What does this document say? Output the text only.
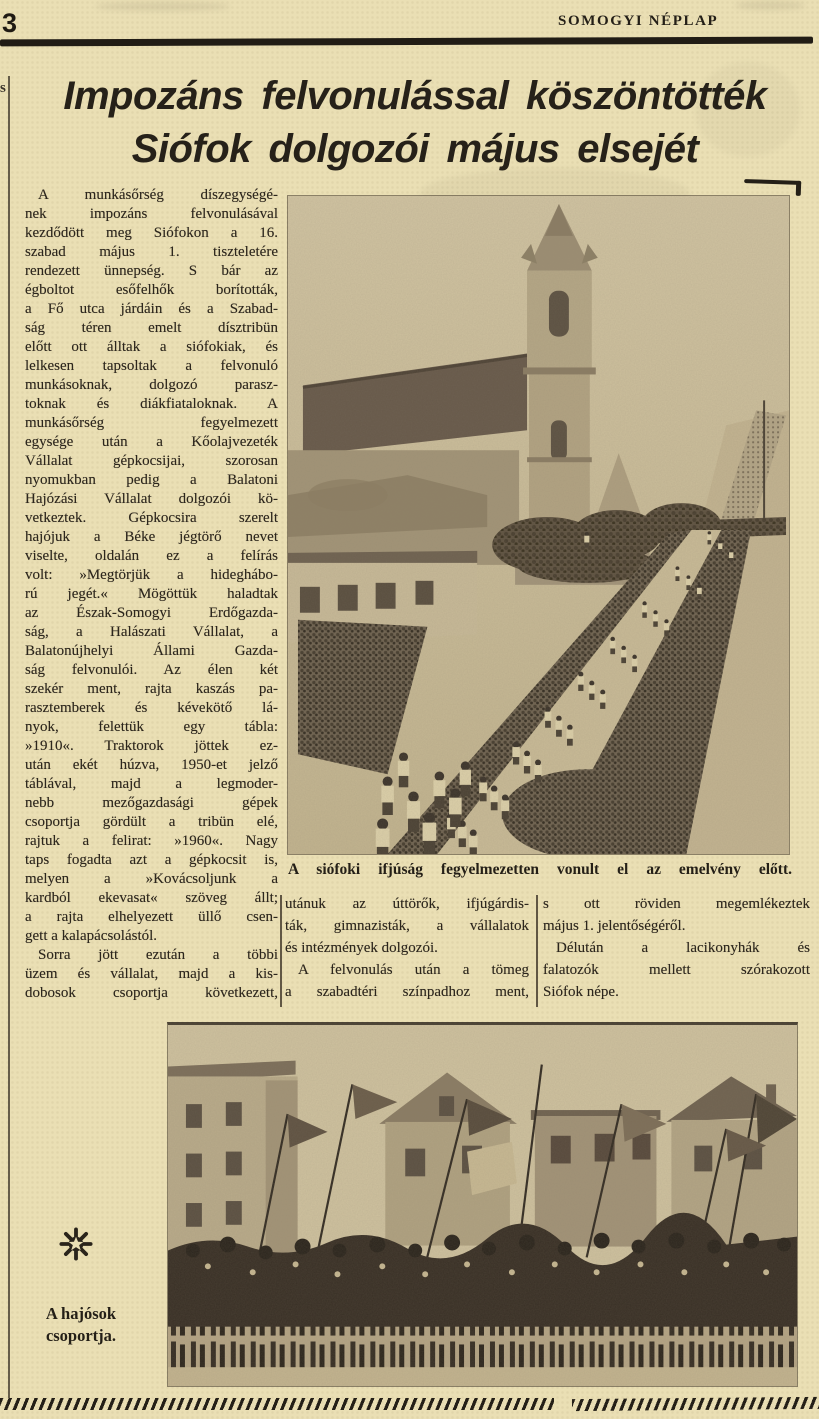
3	SOMOGYI NÉPLAP
s	Impozáns felvonulással köszöntötték
Siófok dolgozói május elsejét
A munkásőrség díszegységé-
nek impozáns felvonulásával
kezdődött meg Siófokon a 16.
szabad május 1. tiszteletére
rendezett ünnepség. S bár az
égboltot esőfelhők borították,
a Fő utca járdáin és a Szabad-
ság téren emelt dísztribün
előtt ott álltak a siófokiak, és
lelkesen tapsoltak a felvonuló
munkásoknak, dolgozó parasz-
toknak és diákfiataloknak. A
munkásőrség fegyelmezett
egysége után a Kőolajvezeték
Vállalat gépkocsijai, szorosan
nyomukban pedig a Balatoni
Hajózási Vállalat dolgozói kö-
vetkeztek. Gépkocsira szerelt
hajójuk a Béke jégtörő nevet
viselte, oldalán ez a felírás
volt: »Megtörjük a hideghábo-
rú jegét.« Mögöttük haladtak
az Észak-Somogyi Erdőgazda-
ság, a Halászati Vállalat, a
Balatonújhelyi Állami Gazda-
ság felvonulói. Az élen két
szekér ment, rajta kaszás pa-
rasztemberek és kévekötő lá-
nyok, felettük egy tábla:
»1910«. Traktorok jöttek ez-
után ekét húzva, 1950-et jelző
táblával, majd a legmoder-
nebb mezőgazdasági gépek
csoportja gördült a tribün elé,
rajtuk a felirat: »1960«. Nagy
taps fogadta azt a gépkocsit is,
melyen a »Kovácsoljunk a
kardból ekevasat« szöveg állt;
a rajta elhelyezett üllő csen-
gett a kalapácsolástól.
Sorra jött ezután a többi
üzem és vállalat, majd a kis-
dobosok csoportja következett,
utánuk az úttörők, ifjúgárdis-
ták, gimnazisták, a vállalatok
és intézmények dolgozói.
A felvonulás után a tömeg
a szabadtéri színpadhoz ment,
s ott röviden megemlékeztek
május 1. jelentőségéről.
Délután a lacikonyhák és
falatozók mellett szórakozott
Siófok népe.
A siófoki ifjúság fegyelmezetten vonult el az emelvény előtt.
A hajósok
csoportja.
